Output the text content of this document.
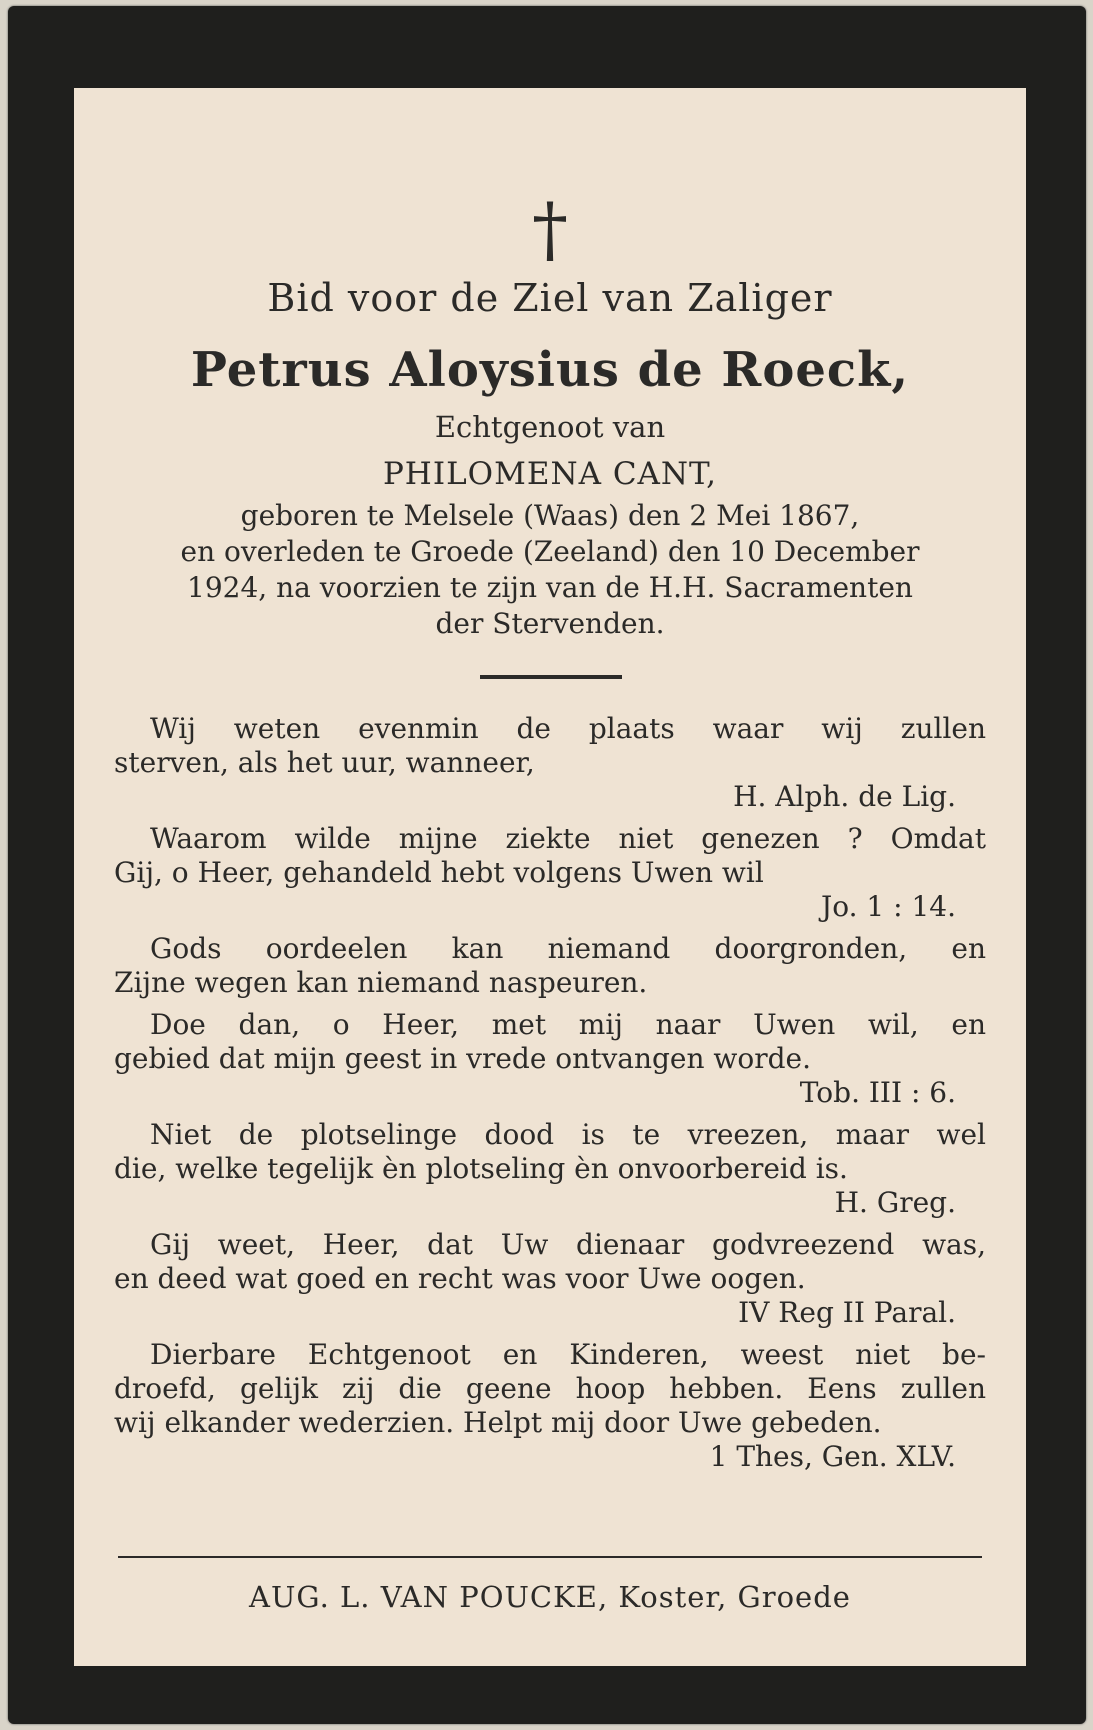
†
Bid voor de Ziel van Zaliger
Petrus Aloysius de Roeck,
Echtgenoot van
PHILOMENA CANT,
geboren te Melsele (Waas) den 2 Mei 1867,
en overleden te Groede (Zeeland) den 10 December
1924, na voorzien te zijn van de H.H. Sacramenten
der Stervenden.
Wij weten evenmin de plaats waar wij zullen
sterven, als het uur, wanneer,
H. Alph. de Lig.
Waarom wilde mijne ziekte niet genezen ? Omdat
Gij, o Heer, gehandeld hebt volgens Uwen wil
Jo. 1 : 14.
Gods oordeelen kan niemand doorgronden, en
Zijne wegen kan niemand naspeuren.
Doe dan, o Heer, met mij naar Uwen wil, en
gebied dat mijn geest in vrede ontvangen worde.
Tob. III : 6.
Niet de plotselinge dood is te vreezen, maar wel
die, welke tegelijk èn plotseling èn onvoorbereid is.
H. Greg.
Gij weet, Heer, dat Uw dienaar godvreezend was,
en deed wat goed en recht was voor Uwe oogen.
IV Reg II Paral.
Dierbare Echtgenoot en Kinderen, weest niet be-
droefd, gelijk zij die geene hoop hebben. Eens zullen
wij elkander wederzien. Helpt mij door Uwe gebeden.
1 Thes, Gen. XLV.
AUG. L. VAN POUCKE, Koster, Groede
